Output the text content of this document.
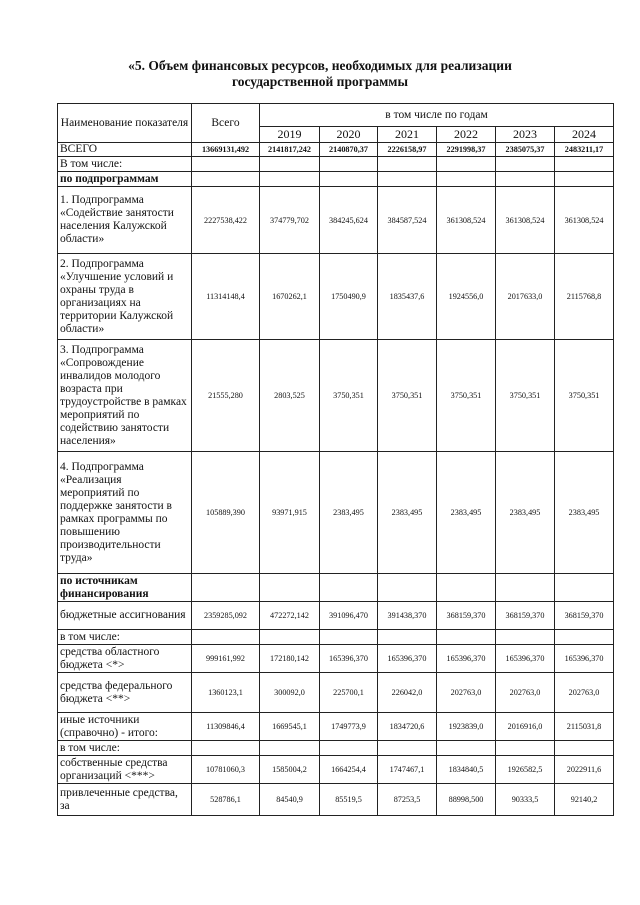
«5. Объем финансовых ресурсов, необходимых для реализации
государственной программы
Наименование показателя	Всего	в том числе по годам					
		2019	2020	2021	2022	2023	2024
ВСЕГО	13669131,492	2141817,242	2140870,37	2226158,97	2291998,37	2385075,37	2483211,17
В том числе:							
по подпрограммам							
1. Подпрограмма «Содействие занятости населения Калужской области»	2227538,422	374779,702	384245,624	384587,524	361308,524	361308,524	361308,524
2. Подпрограмма «Улучшение условий и охраны труда в организациях на территории Калужской области»	11314148,4	1670262,1	1750490,9	1835437,6	1924556,0	2017633,0	2115768,8
3. Подпрограмма «Сопровождение инвалидов молодого возраста при трудоустройстве в рамках мероприятий по содействию занятости населения»	21555,280	2803,525	3750,351	3750,351	3750,351	3750,351	3750,351
4. Подпрограмма «Реализация мероприятий по поддержке занятости в рамках программы по повышению производительности труда»	105889,390	93971,915	2383,495	2383,495	2383,495	2383,495	2383,495
по источникам финансирования							
бюджетные ассигнования	2359285,092	472272,142	391096,470	391438,370	368159,370	368159,370	368159,370
в том числе:							
средства областного бюджета <*>	999161,992	172180,142	165396,370	165396,370	165396,370	165396,370	165396,370
средства федерального бюджета <**>	1360123,1	300092,0	225700,1	226042,0	202763,0	202763,0	202763,0
иные источники (справочно) - итого:	11309846,4	1669545,1	1749773,9	1834720,6	1923839,0	2016916,0	2115031,8
в том числе:							
собственные средства организаций <***>	10781060,3	1585004,2	1664254,4	1747467,1	1834840,5	1926582,5	2022911,6
привлеченные средства, за	528786,1	84540,9	85519,5	87253,5	88998,500	90333,5	92140,2
